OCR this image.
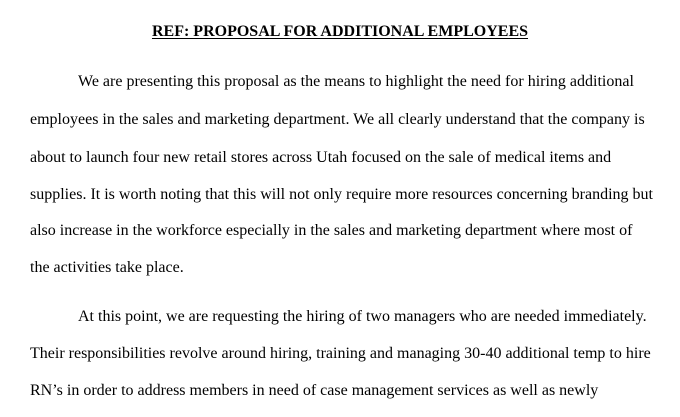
REF: PROPOSAL FOR ADDITIONAL EMPLOYEES
We are presenting this proposal as the means to highlight the need for hiring additional
employees in the sales and marketing department. We all clearly understand that the company is
about to launch four new retail stores across Utah focused on the sale of medical items and
supplies. It is worth noting that this will not only require more resources concerning branding but
also increase in the workforce especially in the sales and marketing department where most of
the activities take place.
At this point, we are requesting the hiring of two managers who are needed immediately.
Their responsibilities revolve around hiring, training and managing 30-40 additional temp to hire
RN’s in order to address members in need of case management services as well as newly
